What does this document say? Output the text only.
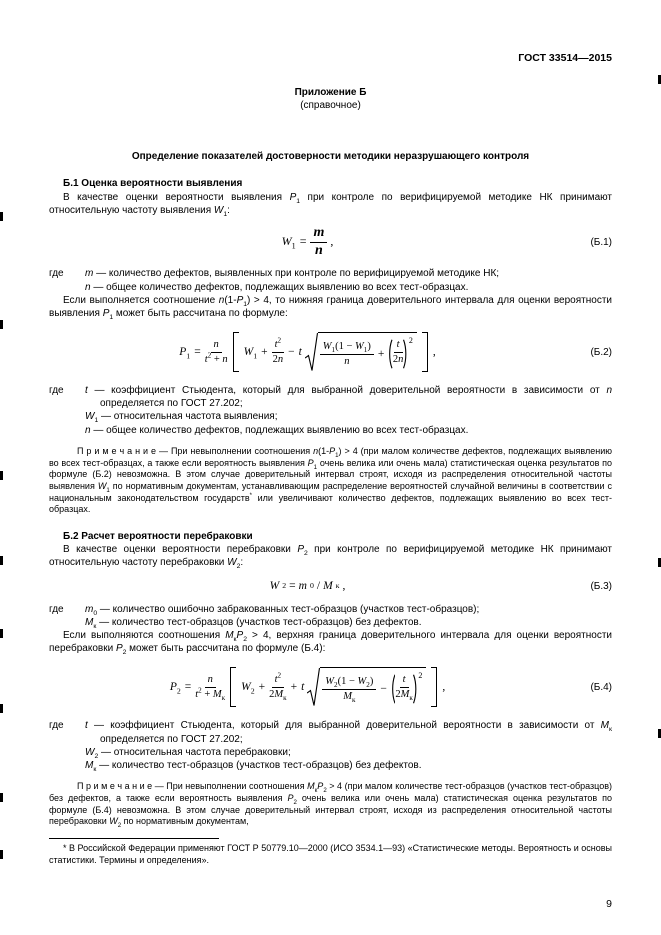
ГОСТ 33514—2015
Приложение Б
(справочное)
Определение показателей достоверности методики неразрушающего контроля
Б.1 Оценка вероятности выявления
В качестве оценки вероятности выявления $P_1$ при контроле по верифицируемой методике НК принимают относительную частоту выявления $W_1$:
$W_1 = \frac{m}{n}$ ,	(Б.1)
где	m — количество дефектов, выявленных при контроле по верифицируемой методике НК;
n — общее количество дефектов, подлежащих выявлению во всех тест-образцах.
Если выполняется соотношение $n(1-P_1) > 4$, то нижняя граница доверительного интервала для оценки вероятности выявления $P_1$ может быть рассчитана по формуле:
$P_1 = \frac{n}{t^2 + n} W_1 + \frac{t^2}{2n} - t \frac{W_1(1 - W_1)}{n} + \frac{t}{2n} 2$
,	(Б.2)
где	t — коэффициент Стьюдента, который для выбранной доверительной вероятности в зависимости от n определяется по ГОСТ 27.202;
$W_1$ — относительная частота выявления;
n — общее количество дефектов, подлежащих выявлению во всех тест-образцах.
П р и м е ч а н и е — При невыполнении соотношения $n(1-P_1) > 4$ (при малом количестве дефектов, подлежащих выявлению во всех тест-образцах, а также если вероятность выявления $P_1$ очень велика или очень мала) статистическая оценка результатов по формуле (Б.2) невозможна. В этом случае доверительный интервал строят, исходя из распределения относительной частоты выявления $W_1$ по нормативным документам, устанавливающим распределение вероятностей случайной величины в соответствии с национальным законодательством государств* или увеличивают количество дефектов, подлежащих выявлению во всех тест-образцах.
Б.2 Расчет вероятности перебраковки
В качестве оценки вероятности перебраковки $P_2$ при контроле по верифицируемой методике НК принимают относительную частоту перебраковки $W_2$:
W 2 = m 0 / M к ,	(Б.3)
где	$m_0$ — количество ошибочно забракованных тест-образцов (участков тест-образцов);
$M_к$ — количество тест-образцов (участков тест-образцов) без дефектов.
Если выполняются соотношения $M_кP_2 > 4$, верхняя граница доверительного интервала для оценки вероятности перебраковки $P_2$ может быть рассчитана по формуле (Б.4):
$P_2 = \frac{n}{t^2 + M_к} W_2 + \frac{t^2}{2M_к} + t \frac{W_2(1 - W_2)}{M_к} - \frac{t}{2M_к} 2$
,	(Б.4)
где	t — коэффициент Стьюдента, который для выбранной доверительной вероятности в зависимости от $M_к$ определяется по ГОСТ 27.202;
$W_2$ — относительная частота перебраковки;
$M_к$ — количество тест-образцов (участков тест-образцов) без дефектов.
П р и м е ч а н и е — При невыполнении соотношения $M_кP_2 > 4$ (при малом количестве тест-образцов (участков тест-образцов) без дефектов, а также если вероятность выявления $P_2$ очень велика или очень мала) статистическая оценка результатов по формуле (Б.4) невозможна. В этом случае доверительный интервал строят, исходя из распределения относительной частоты перебраковки $W_2$ по нормативным документам,
* В Российской Федерации применяют ГОСТ Р 50779.10—2000 (ИСО 3534.1—93) «Статистические методы. Вероятность и основы статистики. Термины и определения».
9
